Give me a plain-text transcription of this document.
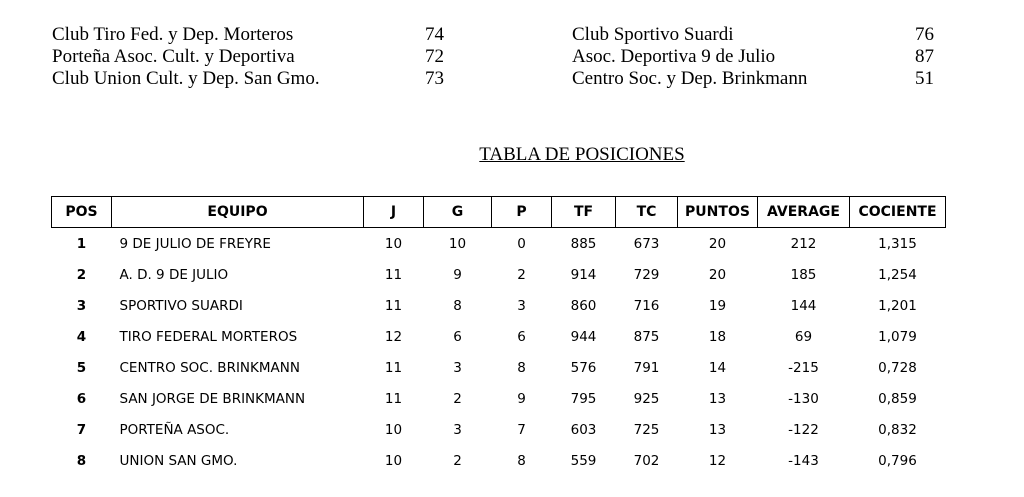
Club Tiro Fed. y Dep. Morteros	74
Porteña Asoc. Cult. y Deportiva	72
Club Union Cult. y Dep. San Gmo.	73
Club Sportivo Suardi	76
Asoc. Deportiva 9 de Julio	87
Centro Soc. y Dep. Brinkmann	51
TABLA DE POSICIONES
POS	EQUIPO	J	G	P	TF	TC	PUNTOS	AVERAGE	COCIENTE
1	9 DE JULIO DE FREYRE	10	10	0	885	673	20	212	1,315
2	A. D. 9 DE JULIO	11	9	2	914	729	20	185	1,254
3	SPORTIVO SUARDI	11	8	3	860	716	19	144	1,201
4	TIRO FEDERAL MORTEROS	12	6	6	944	875	18	69	1,079
5	CENTRO SOC. BRINKMANN	11	3	8	576	791	14	-215	0,728
6	SAN JORGE DE BRINKMANN	11	2	9	795	925	13	-130	0,859
7	PORTEÑA ASOC.	10	3	7	603	725	13	-122	0,832
8	UNION SAN GMO.	10	2	8	559	702	12	-143	0,796
